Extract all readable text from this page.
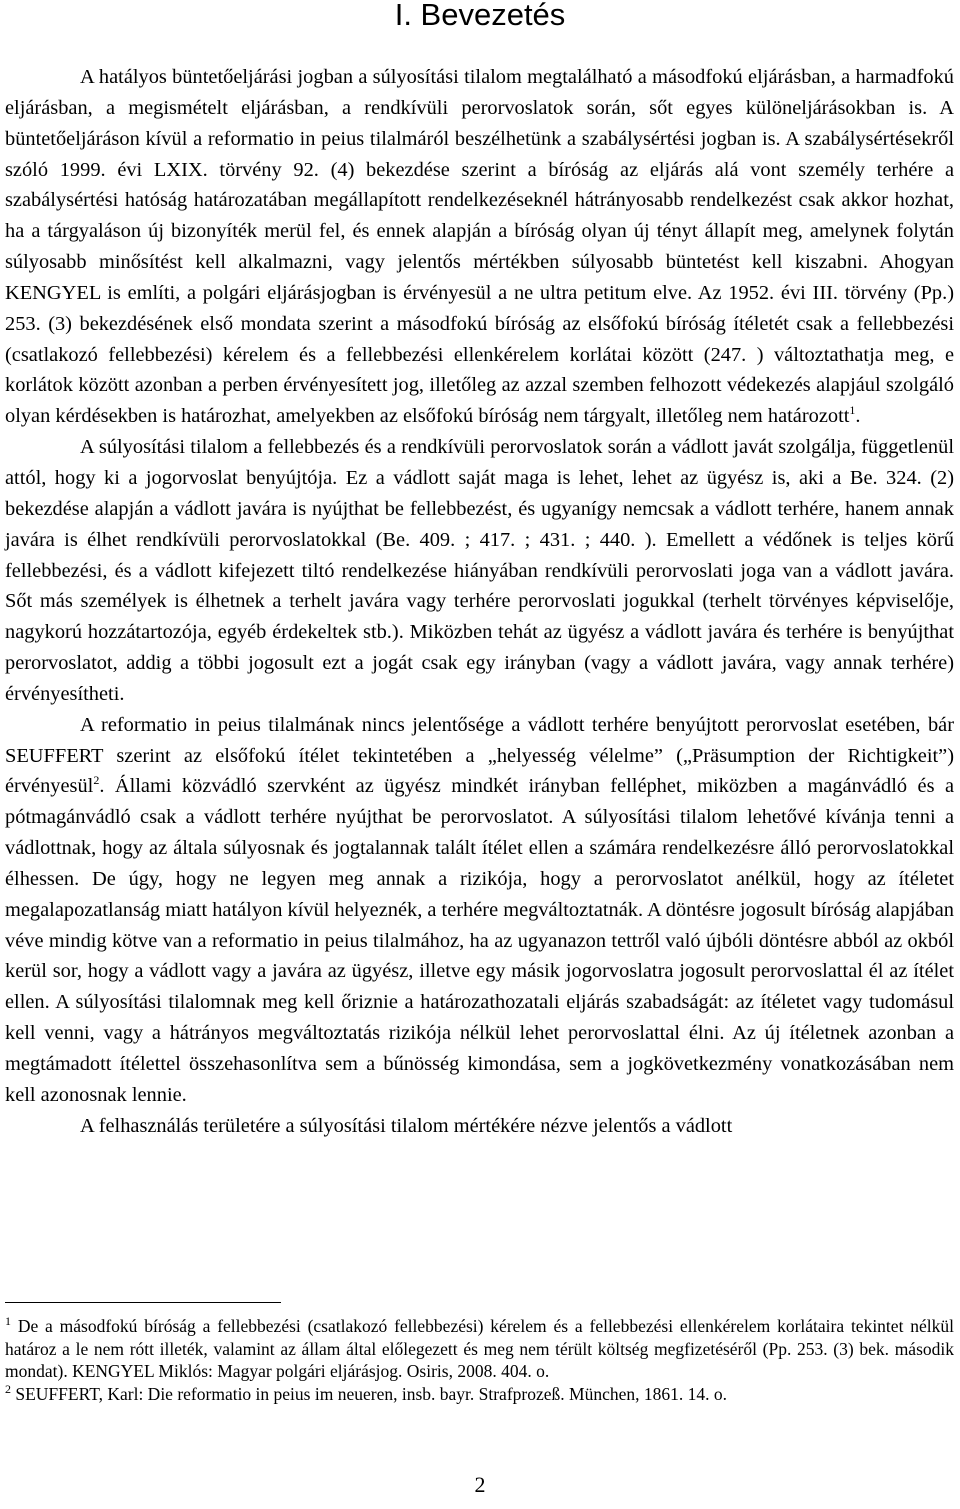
I. Bevezetés

A hatályos büntetőeljárási jogban a súlyosítási tilalom megtalálható a másodfokú eljárásban, a harmadfokú eljárásban, a megismételt eljárásban, a rendkívüli perorvoslatok során, sőt egyes különeljárásokban is. A büntetőeljáráson kívül a reformatio in peius tilalmáról beszélhetünk a szabálysértési jogban is. A szabálysértésekről szóló 1999. évi LXIX. törvény 92. (4) bekezdése szerint a bíróság az eljárás alá vont személy terhére a szabálysértési hatóság határozatában megállapított rendelkezéseknél hátrányosabb rendelkezést csak akkor hozhat, ha a tárgyaláson új bizonyíték merül fel, és ennek alapján a bíróság olyan új tényt állapít meg, amelynek folytán súlyosabb minősítést kell alkalmazni, vagy jelentős mértékben súlyosabb büntetést kell kiszabni. Ahogyan KENGYEL is említi, a polgári eljárásjogban is érvényesül a ne ultra petitum elve. Az 1952. évi III. törvény (Pp.) 253. (3) bekezdésének első mondata szerint a másodfokú bíróság az elsőfokú bíróság ítéletét csak a fellebbezési (csatlakozó fellebbezési) kérelem és a fellebbezési ellenkérelem korlátai között (247. ) változtathatja meg, e korlátok között azonban a perben érvényesített jog, illetőleg az azzal szemben felhozott védekezés alapjául szolgáló olyan kérdésekben is határozhat, amelyekben az elsőfokú bíróság nem tárgyalt, illetőleg nem határozott$^1$.

A súlyosítási tilalom a fellebbezés és a rendkívüli perorvoslatok során a vádlott javát szolgálja, függetlenül attól, hogy ki a jogorvoslat benyújtója. Ez a vádlott saját maga is lehet, lehet az ügyész is, aki a Be. 324. (2) bekezdése alapján a vádlott javára is nyújthat be fellebbezést, és ugyanígy nemcsak a vádlott terhére, hanem annak javára is élhet rendkívüli perorvoslatokkal (Be. 409. ; 417. ; 431. ; 440. ). Emellett a védőnek is teljes körű fellebbezési, és a vádlott kifejezett tiltó rendelkezése hiányában rendkívüli perorvoslati joga van a vádlott javára. Sőt más személyek is élhetnek a terhelt javára vagy terhére perorvoslati jogukkal (terhelt törvényes képviselője, nagykorú hozzátartozója, egyéb érdekeltek stb.). Miközben tehát az ügyész a vádlott javára és terhére is benyújthat perorvoslatot, addig a többi jogosult ezt a jogát csak egy irányban (vagy a vádlott javára, vagy annak terhére) érvényesítheti.

A reformatio in peius tilalmának nincs jelentősége a vádlott terhére benyújtott perorvoslat esetében, bár SEUFFERT szerint az elsőfokú ítélet tekintetében a „helyesség vélelme” („Präsumption der Richtigkeit”) érvényesül$^2$. Állami közvádló szervként az ügyész mindkét irányban felléphet, miközben a magánvádló és a pótmagánvádló csak a vádlott terhére nyújthat be perorvoslatot. A súlyosítási tilalom lehetővé kívánja tenni a vádlottnak, hogy az általa súlyosnak és jogtalannak talált ítélet ellen a számára rendelkezésre álló perorvoslatokkal élhessen. De úgy, hogy ne legyen meg annak a rizikója, hogy a perorvoslatot anélkül, hogy az ítéletet megalapozatlanság miatt hatályon kívül helyeznék, a terhére megváltoztatnák. A döntésre jogosult bíróság alapjában véve mindig kötve van a reformatio in peius tilalmához, ha az ugyanazon tettről való újbóli döntésre abból az okból kerül sor, hogy a vádlott vagy a javára az ügyész, illetve egy másik jogorvoslatra jogosult perorvoslattal él az ítélet ellen. A súlyosítási tilalomnak meg kell őriznie a határozathozatali eljárás szabadságát: az ítéletet vagy tudomásul kell venni, vagy a hátrányos megváltoztatás rizikója nélkül lehet perorvoslattal élni. Az új ítéletnek azonban a megtámadott ítélettel összehasonlítva sem a bűnösség kimondása, sem a jogkövetkezmény vonatkozásában nem kell azonosnak lennie.

A felhasználás területére a súlyosítási tilalom mértékére nézve jelentős a vádlott

$^1$ De a másodfokú bíróság a fellebbezési (csatlakozó fellebbezési) kérelem és a fellebbezési ellenkérelem korlátaira tekintet nélkül határoz a le nem rótt illeték, valamint az állam által előlegezett és meg nem térült költség megfizetéséről (Pp. 253. (3) bek. második mondat). KENGYEL Miklós: Magyar polgári eljárásjog. Osiris, 2008. 404. o.

$^2$ SEUFFERT, Karl: Die reformatio in peius im neueren, insb. bayr. Strafprozeß. München, 1861. 14. o.

2
